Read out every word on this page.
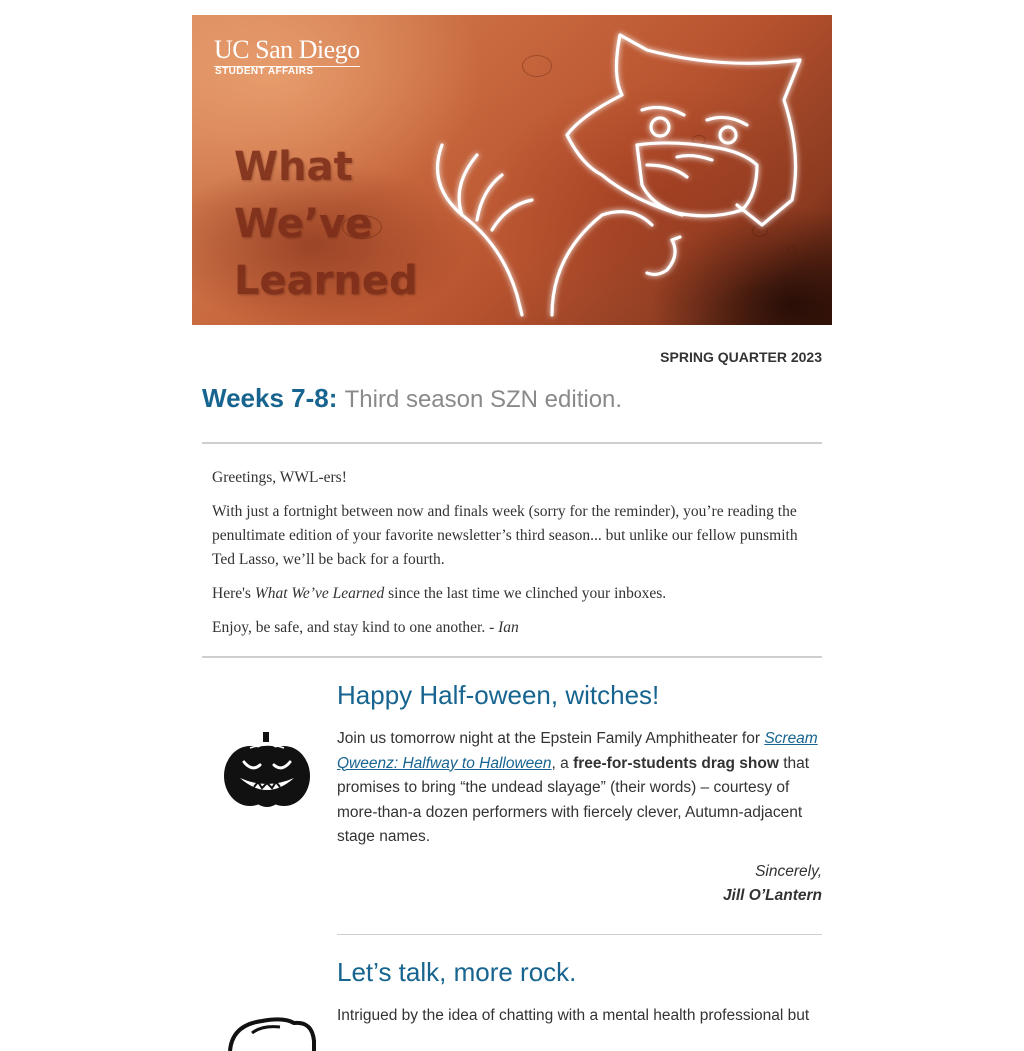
UC San Diego
STUDENT AFFAIRS
What
We’ve
Learned
SPRING QUARTER 2023
Weeks 7-8: Third season SZN edition.

Greetings, WWL-ers!

With just a fortnight between now and finals week (sorry for the reminder), you’re reading the penultimate edition of your favorite newsletter’s third season... but unlike our fellow punsmith Ted Lasso, we’ll be back for a fourth.

Here's What We’ve Learned since the last time we clinched your inboxes.

Enjoy, be safe, and stay kind to one another. - Ian

Happy Half-oween, witches!
Join us tomorrow night at the Epstein Family Amphitheater for Scream Qweenz: Halfway to Halloween, a free-for-students drag show that promises to bring “the undead slayage” (their words) – courtesy of more-than-a dozen performers with fiercely clever, Autumn-adjacent stage names.
Sincerely,
Jill O’Lantern
Let’s talk, more rock.
Intrigued by the idea of chatting with a mental health professional but
